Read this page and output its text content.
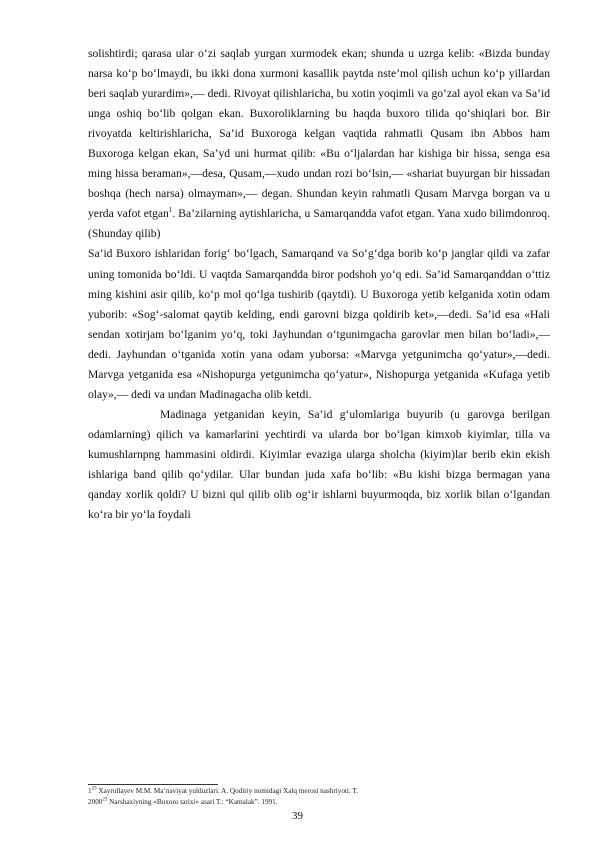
solishtirdi; qarasa ular o‘zi saqlab yurgan xurmodek ekan; shunda u uzrga kelib: «Bizda bunday narsa ko‘p bo‘lmaydi, bu ikki dona xurmoni kasallik paytda nste’mol qilish uchun ko‘p yillardan beri saqlab yurardim»,— dedi. Rivoyat qilishlaricha, bu xotin yoqimli va go‘zal ayol ekan va Sa’id unga oshiq bo‘lib qolgan ekan. Buxoroliklarning bu haqda buxoro tilida qo‘shiqlari bor. Bir rivoyatda keltirishlaricha, Sa’id Buxoroga kelgan vaqtida rahmatli Qusam ibn Abbos ham Buxoroga kelgan ekan, Sa’yd uni hurmat qilib: «Bu o‘ljalardan har kishiga bir hissa, senga esa ming hissa beraman»,—desa, Qusam,—xudo undan rozi bo‘lsin,— «shariat buyurgan bir hissadan boshqa (hech narsa) olmayman»,— degan. Shundan keyin rahmatli Qusam Marvga borgan va u yerda vafot etgan$^1$. Ba’zilarning aytishlaricha, u Samarqandda vafot etgan. Yana xudo bilimdonroq. (Shunday qilib)

Sa’id Buxoro ishlaridan forig‘ bo‘lgach, Samarqand va So‘g‘dga borib ko‘p janglar qildi va zafar uning tomonida bo‘ldi. U vaqtda Samarqandda biror podshoh yo‘q edi. Sa’id Samarqanddan o‘ttiz ming kishini asir qilib, ko‘p mol qo‘lga tushirib (qaytdi). U Buxoroga yetib kelganida xotin odam yuborib: «Sog‘-salomat qaytib kelding, endi garovni bizga qoldirib ket»,—dedi. Sa’id esa «Hali sendan xotirjam bo‘lganim yo‘q, toki Jayhundan o‘tgunimgacha garovlar men bilan bo‘ladi»,— dedi. Jayhundan o‘tganida xotin yana odam yuborsa: «Marvga yetgunimcha qo‘yatur»,—dedi. Marvga yetganida esa «Nishopurga yetgunimcha qo‘yatur», Nishopurga yetganida «Kufaga yetib olay»,— dedi va undan Madinagacha olib ketdi.

Madinaga yetganidan keyin, Sa’id g‘ulomlariga buyurib (u garovga berilgan odamlarning) qilich va kamarlarini yechtirdi va ularda bor bo‘lgan kimxob kiyimlar, tilla va kumushlarnpng hammasini oldirdi. Kiyimlar evaziga ularga sholcha (kiyim)lar berib ekin ekish ishlariga band qilib qo‘ydilar. Ular bundan juda xafa bo‘lib: «Bu kishi bizga bermagan yana qanday xorlik qoldi? U bizni qul qilib olib og‘ir ishlarni buyurmoqda, biz xorlik bilan o‘lgandan ko‘ra bir yo‘la foydali

$1^{23}$ Xayrullayev M.M. Ma’naviyat yulduzlari. A. Qodiriy nomidagi Xalq merosi nashriyoti. T.
2000$^{23}$ Narshaxiyning «Buxoro tarixi» asari T.: “Kamalak”. 1991.
39
